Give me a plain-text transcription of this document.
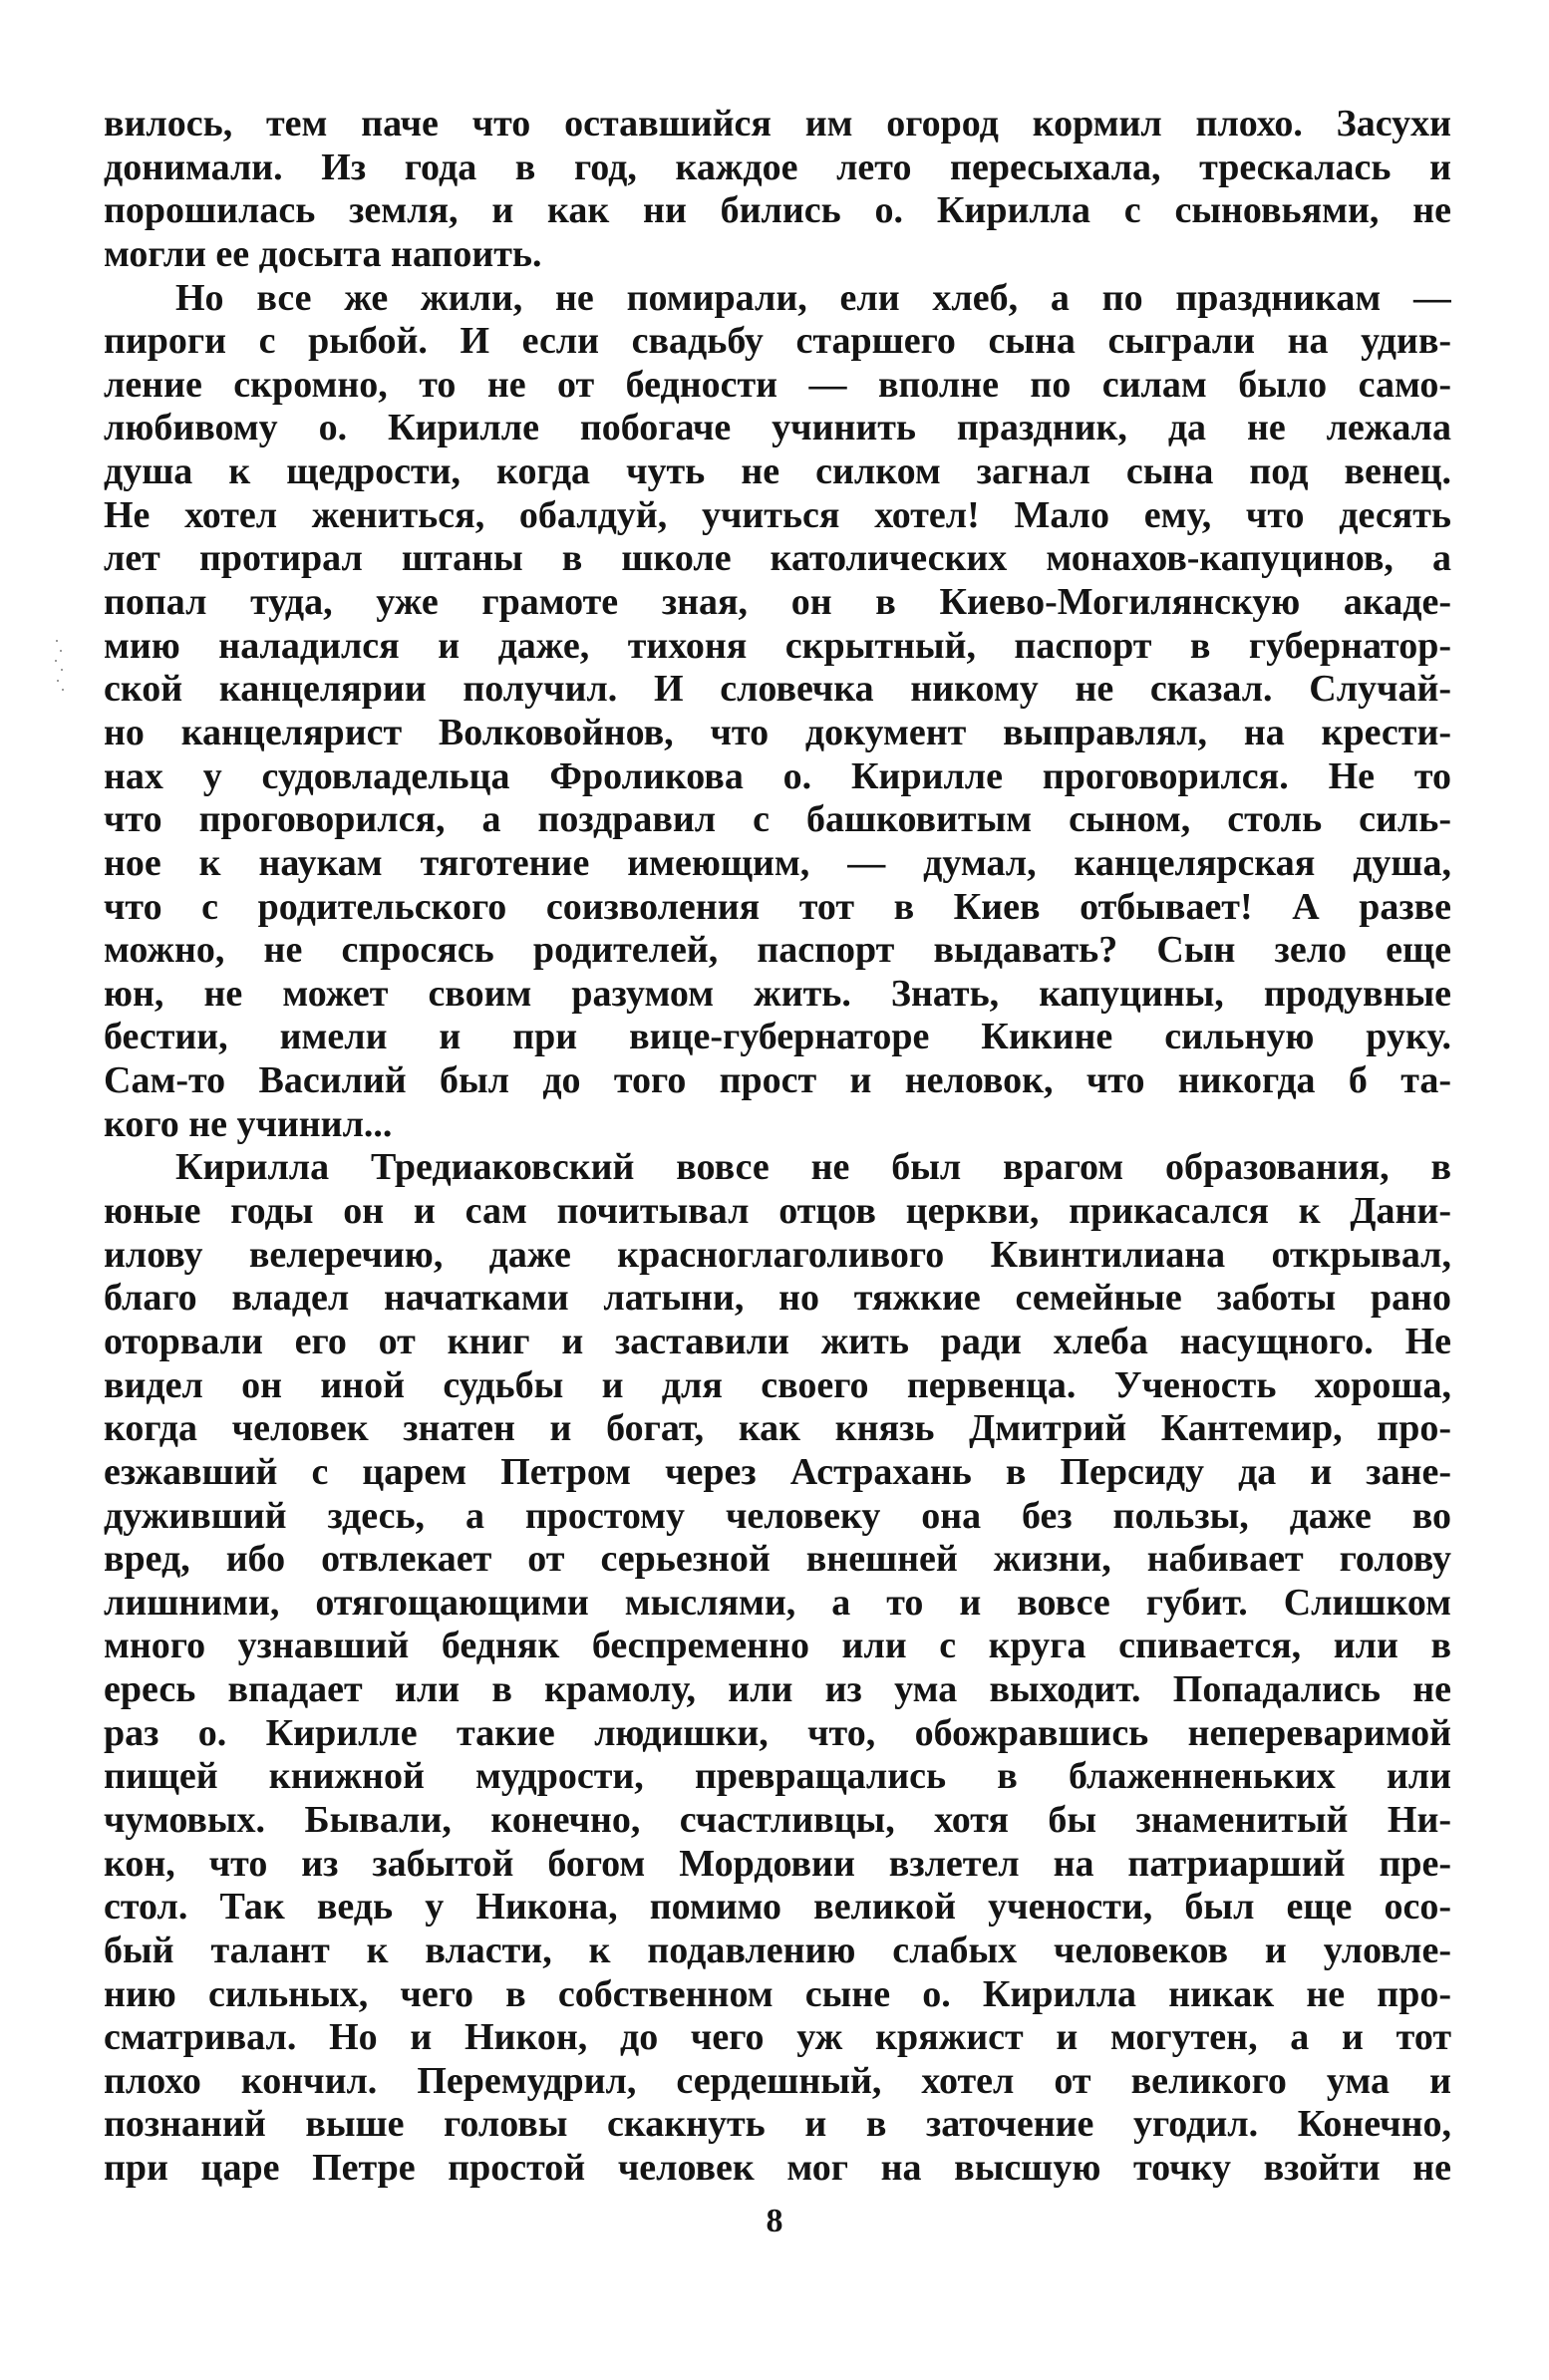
вилось, тем паче что оставшийся им огород кормил плохо. Засухи
донимали. Из года в год, каждое лето пересыхала, трескалась и
порошилась земля, и как ни бились о. Кирилла с сыновьями, не
могли ее досыта напоить.
Но все же жили, не помирали, ели хлеб, а по праздникам —
пироги с рыбой. И если свадьбу старшего сына сыграли на удив-
ление скромно, то не от бедности — вполне по силам было само-
любивому о. Кирилле побогаче учинить праздник, да не лежала
душа к щедрости, когда чуть не силком загнал сына под венец.
Не хотел жениться, обалдуй, учиться хотел! Мало ему, что десять
лет протирал штаны в школе католических монахов-капуцинов, а
попал туда, уже грамоте зная, он в Киево-Могилянскую акаде-
мию наладился и даже, тихоня скрытный, паспорт в губернатор-
ской канцелярии получил. И словечка никому не сказал. Случай-
но канцелярист Волковойнов, что документ выправлял, на крести-
нах у судовладельца Фроликова о. Кирилле проговорился. Не то
что проговорился, а поздравил с башковитым сыном, столь силь-
ное к наукам тяготение имеющим, — думал, канцелярская душа,
что с родительского соизволения тот в Киев отбывает! А разве
можно, не спросясь родителей, паспорт выдавать? Сын зело еще
юн, не может своим разумом жить. Знать, капуцины, продувные
бестии, имели и при вице-губернаторе Кикине сильную руку.
Сам-то Василий был до того прост и неловок, что никогда б та-
кого не учинил...
Кирилла Тредиаковский вовсе не был врагом образования, в
юные годы он и сам почитывал отцов церкви, прикасался к Дани-
илову велеречию, даже красноглаголивого Квинтилиана открывал,
благо владел начатками латыни, но тяжкие семейные заботы рано
оторвали его от книг и заставили жить ради хлеба насущного. Не
видел он иной судьбы и для своего первенца. Ученость хороша,
когда человек знатен и богат, как князь Дмитрий Кантемир, про-
езжавший с царем Петром через Астрахань в Персиду да и зане-
дуживший здесь, а простому человеку она без пользы, даже во
вред, ибо отвлекает от серьезной внешней жизни, набивает голову
лишними, отягощающими мыслями, а то и вовсе губит. Слишком
много узнавший бедняк беспременно или с круга спивается, или в
ересь впадает или в крамолу, или из ума выходит. Попадались не
раз о. Кирилле такие людишки, что, обожравшись непереваримой
пищей книжной мудрости, превращались в блаженненьких или
чумовых. Бывали, конечно, счастливцы, хотя бы знаменитый Ни-
кон, что из забытой богом Мордовии взлетел на патриарший пре-
стол. Так ведь у Никона, помимо великой учености, был еще осо-
бый талант к власти, к подавлению слабых человеков и уловле-
нию сильных, чего в собственном сыне о. Кирилла никак не про-
сматривал. Но и Никон, до чего уж кряжист и могутен, а и тот
плохо кончил. Перемудрил, сердешный, хотел от великого ума и
познаний выше головы скакнуть и в заточение угодил. Конечно,
при царе Петре простой человек мог на высшую точку взойти не
8
